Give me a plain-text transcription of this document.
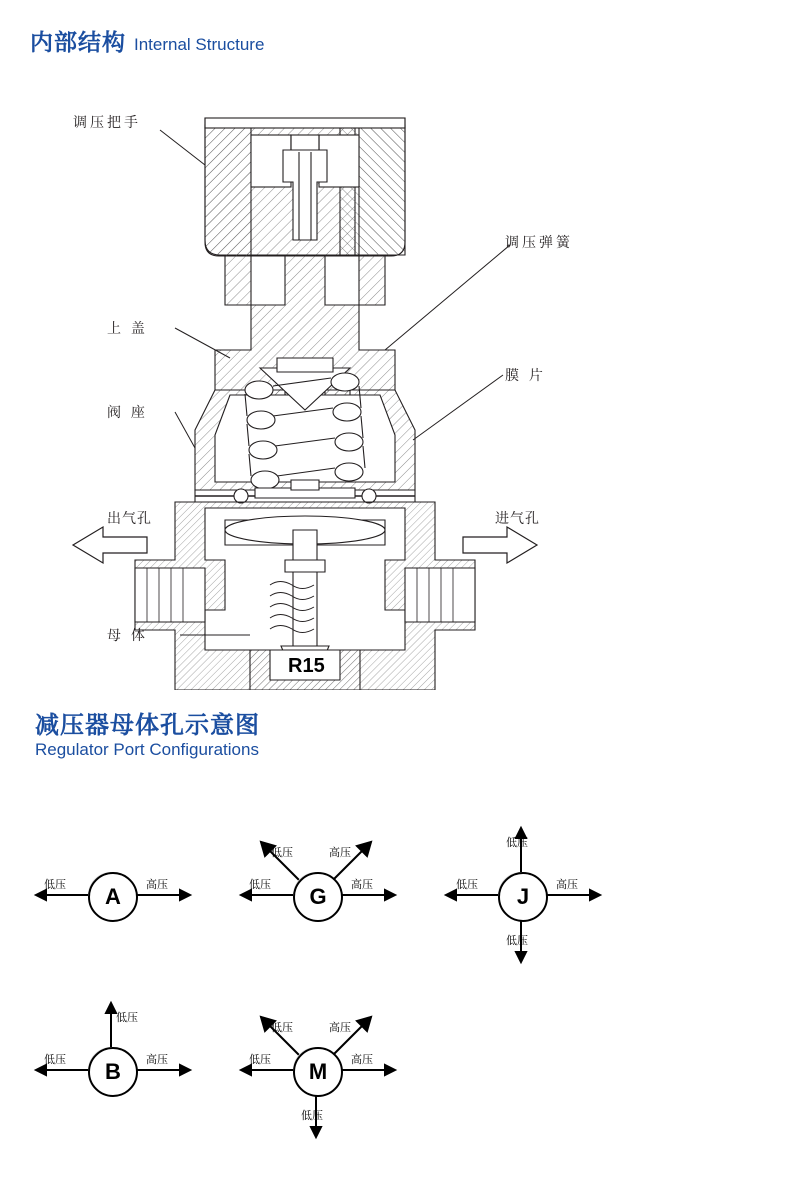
内部结构 Internal Structure
调压把手
调压弹簧
上 盖
膜 片
阀 座
出气孔	进气孔
母 体
R15
减压器母体孔示意图
Regulator Port Configurations
A
低压	高压	G
低压	高压
低压	高压
J
低压	高压
低压
低压
B
低压	高压
低压
M
低压	高压
低压	高压
低压
